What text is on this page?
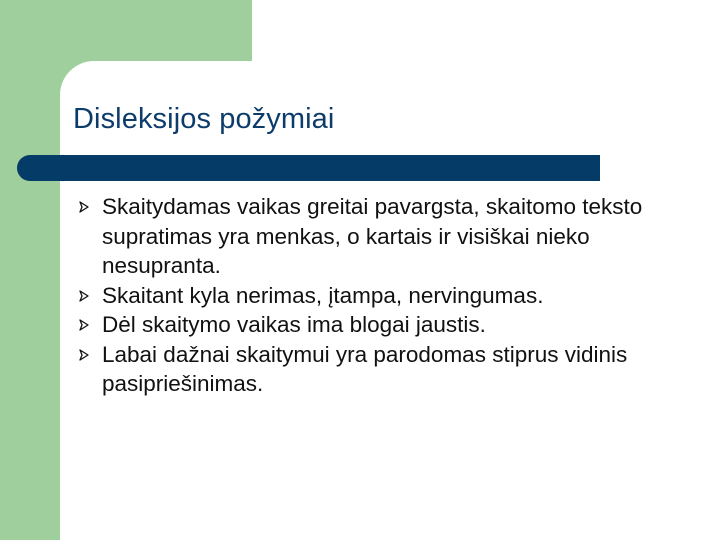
Disleksijos požymiai
Skaitydamas vaikas greitai pavargsta, skaitomo teksto supratimas yra menkas, o kartais ir visiškai nieko nesupranta.
Skaitant kyla nerimas, įtampa, nervingumas.
Dėl skaitymo vaikas ima blogai jaustis.
Labai dažnai skaitymui yra parodomas stiprus vidinis pasipriešinimas.
